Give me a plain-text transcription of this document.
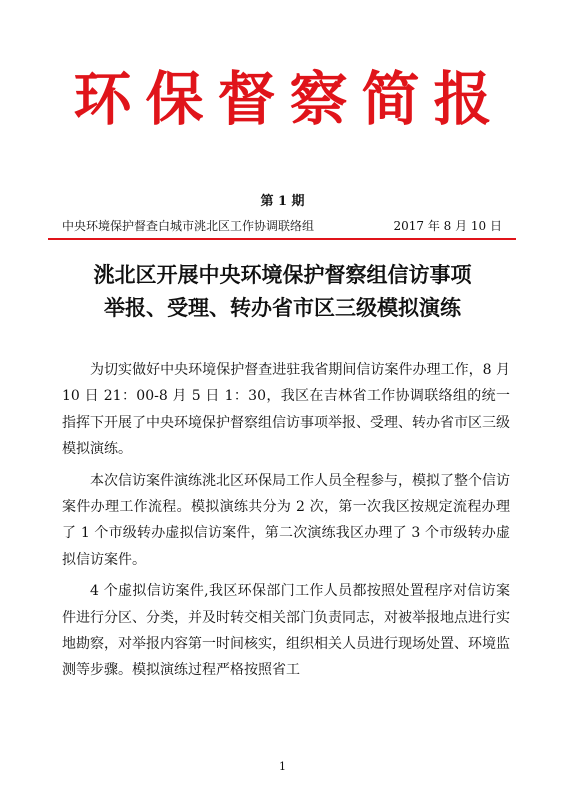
环保督察简报
第 1 期
中央环境保护督查白城市洮北区工作协调联络组	2017 年 8 月 10 日
洮北区开展中央环境保护督察组信访事项
举报、受理、转办省市区三级模拟演练

为切实做好中央环境保护督查进驻我省期间信访案件办理工作，8 月 10 日 21：00-8 月 5 日 1：30，我区在吉林省工作协调联络组的统一指挥下开展了中央环境保护督察组信访事项举报、受理、转办省市区三级模拟演练。

本次信访案件演练洮北区环保局工作人员全程参与，模拟了整个信访案件办理工作流程。模拟演练共分为 2 次，第一次我区按规定流程办理了 1 个市级转办虚拟信访案件，第二次演练我区办理了 3 个市级转办虚拟信访案件。

4 个虚拟信访案件,我区环保部门工作人员都按照处置程序对信访案件进行分区、分类，并及时转交相关部门负责同志，对被举报地点进行实地勘察，对举报内容第一时间核实，组织相关人员进行现场处置、环境监测等步骤。模拟演练过程严格按照省工

1
